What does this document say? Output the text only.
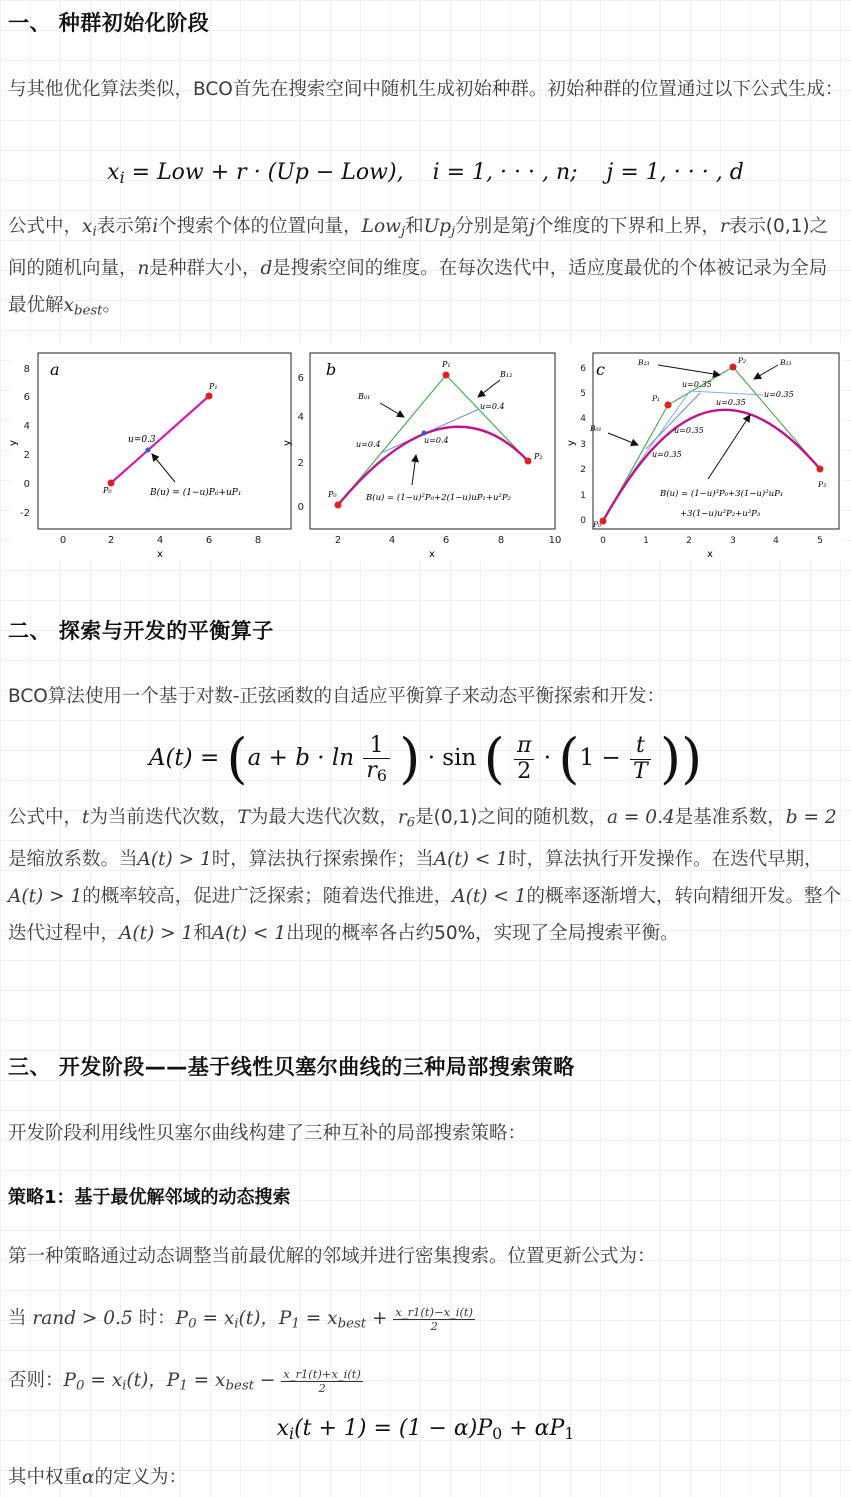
一、 种群初始化阶段

与其他优化算法类似，BCO首先在搜索空间中随机生成初始种群。初始种群的位置通过以下公式生成：

$x_i$ = Low + r · (Up − Low), i = 1, · · · , n; j = 1, · · · , d

公式中，$x_i$表示第i个搜索个体的位置向量，Low$_j$和$Up_j$分别是第j个维度的下界和上界，r表示(0,1)之间的随机向量，n是种群大小，d是搜索空间的维度。在每次迭代中，适应度最优的个体被记录为全局最优解$x_{best}$。

a
8
6
4
2
0
-2
0	2	4	6	8
x
y
P₀
P₁
u=0.3
B(u) = (1−u)P₀+uP₁
b
6
4
2
0
2	4	6	8	10
x
y
P₀
P₁
P₂
B₀₁
B₁₂
u=0.4
u=0.4	u=0.4
B(u) = (1−u)²P₀+2(1−u)uP₁+u²P₂
c
6
5
4
3
2
1
0
0	1	2	3	4	5
x
y
P₀
P₁
P₂
P₃
B₂₃	B₂₃
B₀₁
u=0.35
u=0.35
u=0.35
u=0.35
u=0.35
B(u) = (1−u)³P₀+3(1−u)²uP₁
+3(1−u)u²P₂+u³P₃
二、 探索与开发的平衡算子

BCO算法使用一个基于对数-正弦函数的自适应平衡算子来动态平衡探索和开发：

$A(t) = (a + b \cdot \ln \frac{1}{r_6}$ ) · sin ( $\frac{\pi}{2} \cdot (1 - \frac{t}{T}$ ))

公式中，t为当前迭代次数，T为最大迭代次数，$r_6$是(0,1)之间的随机数，a = 0.4是基准系数，b = 2是缩放系数。当A(t) > 1时，算法执行探索操作；当A(t) < 1时，算法执行开发操作。在迭代早期，A(t) > 1的概率较高，促进广泛探索；随着迭代推进，A(t) < 1的概率逐渐增大，转向精细开发。整个迭代过程中，A(t) > 1和A(t) < 1出现的概率各占约50%，实现了全局搜索平衡。

三、 开发阶段——基于线性贝塞尔曲线的三种局部搜索策略

开发阶段利用线性贝塞尔曲线构建了三种互补的局部搜索策略：

策略1：基于最优解邻域的动态搜索

第一种策略通过动态调整当前最优解的邻域并进行密集搜索。位置更新公式为：

当 rand > 0.5 时：$P_0 = x_i(t)$，$P_1 = x_{best} + \frac{x\_r1(t)-x\_i(t)}{2}$
否则：$P_0 = x_i(t)$，$P_1 = x_{best} - \frac{x\_r1(t)+x\_i(t)}{2}$
$x_i(t + 1) = (1 - \alpha)P_0 + \alpha P_1$

其中权重α的定义为：
